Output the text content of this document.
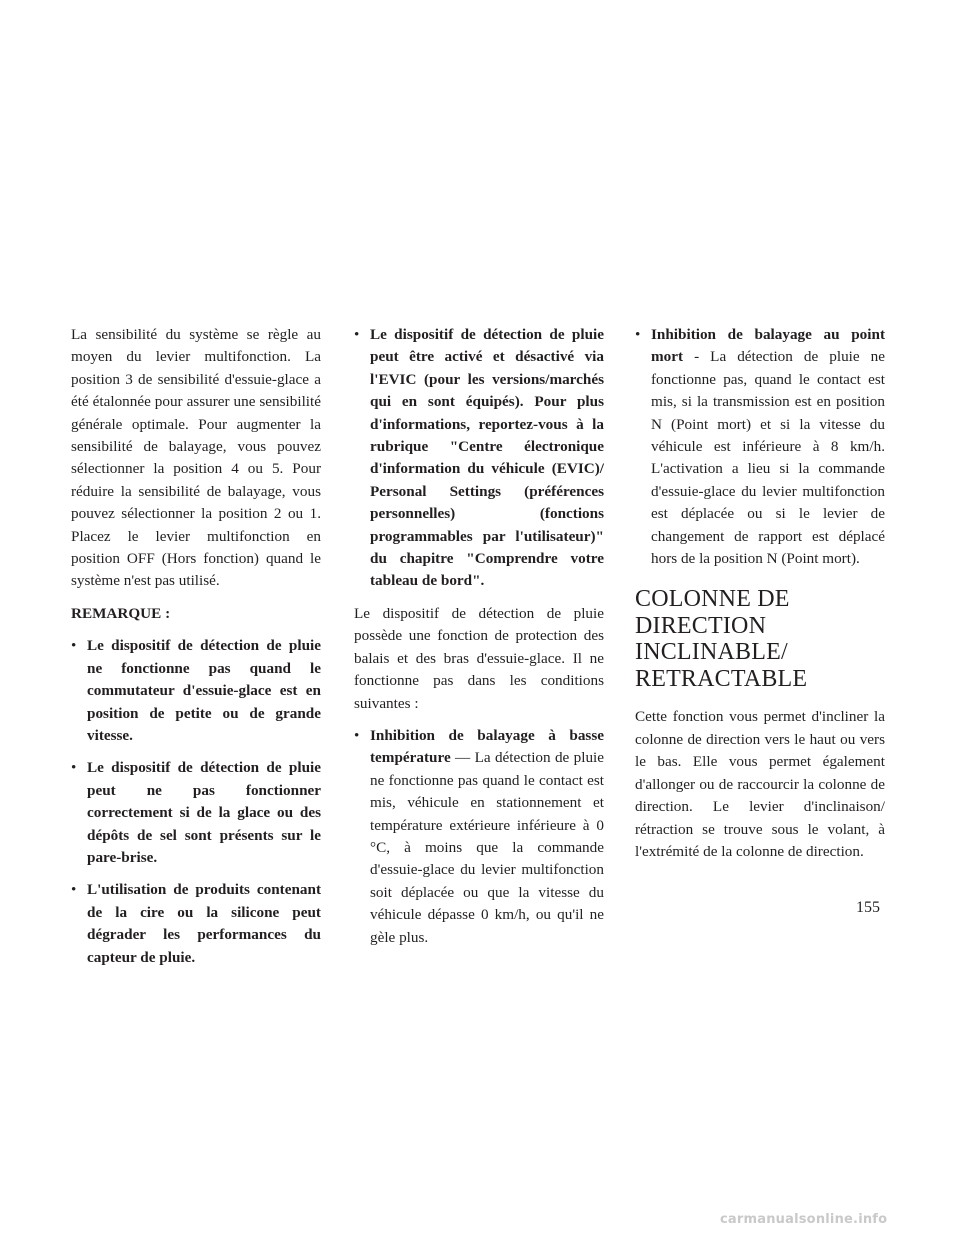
La sensibilité du système se règle au moyen du levier multifonction. La position 3 de sensibilité d'essuie-glace a été étalonnée pour assurer une sensibilité générale optimale. Pour augmenter la sensibilité de balayage, vous pouvez sélectionner la position 4 ou 5. Pour réduire la sensibilité de balayage, vous pouvez sélectionner la position 2 ou 1. Placez le levier multifonction en position OFF (Hors fonction) quand le système n'est pas utilisé.

REMARQUE :
• Le dispositif de détection de pluie ne fonctionne pas quand le commutateur d'essuie-glace est en position de petite ou de grande vitesse.
• Le dispositif de détection de pluie peut ne pas fonctionner correctement si de la glace ou des dépôts de sel sont présents sur le pare-brise.
• L'utilisation de produits contenant de la cire ou la silicone peut dégrader les performances du capteur de pluie.
• Le dispositif de détection de pluie peut être activé et désactivé via l'EVIC (pour les versions/marchés qui en sont équipés). Pour plus d'informations, reportez-vous à la rubrique "Centre électronique d'information du véhicule (EVIC)/ Personal Settings (préférences personnelles) (fonctions programmables par l'utilisateur)" du chapitre "Comprendre votre tableau de bord".

Le dispositif de détection de pluie possède une fonction de protection des balais et des bras d'essuie-glace. Il ne fonctionne pas dans les conditions suivantes :

• Inhibition de balayage à basse température — La détection de pluie ne fonctionne pas quand le contact est mis, véhicule en stationnement et température extérieure inférieure à 0 °C, à moins que la commande d'essuie-glace du levier multifonction soit déplacée ou que la vitesse du véhicule dépasse 0 km/h, ou qu'il ne gèle plus.
• Inhibition de balayage au point mort - La détection de pluie ne fonctionne pas, quand le contact est mis, si la transmission est en position N (Point mort) et si la vitesse du véhicule est inférieure à 8 km/h. L'activation a lieu si la commande d'essuie-glace du levier multifonction est déplacée ou si le levier de changement de rapport est déplacé hors de la position N (Point mort).
COLONNE DE DIRECTION INCLINABLE/ RETRACTABLE

Cette fonction vous permet d'incliner la colonne de direction vers le haut ou vers le bas. Elle vous permet également d'allonger ou de raccourcir la colonne de direction. Le levier d'inclinaison/ rétraction se trouve sous le volant, à l'extrémité de la colonne de direction.

155
carmanualsonline.info
